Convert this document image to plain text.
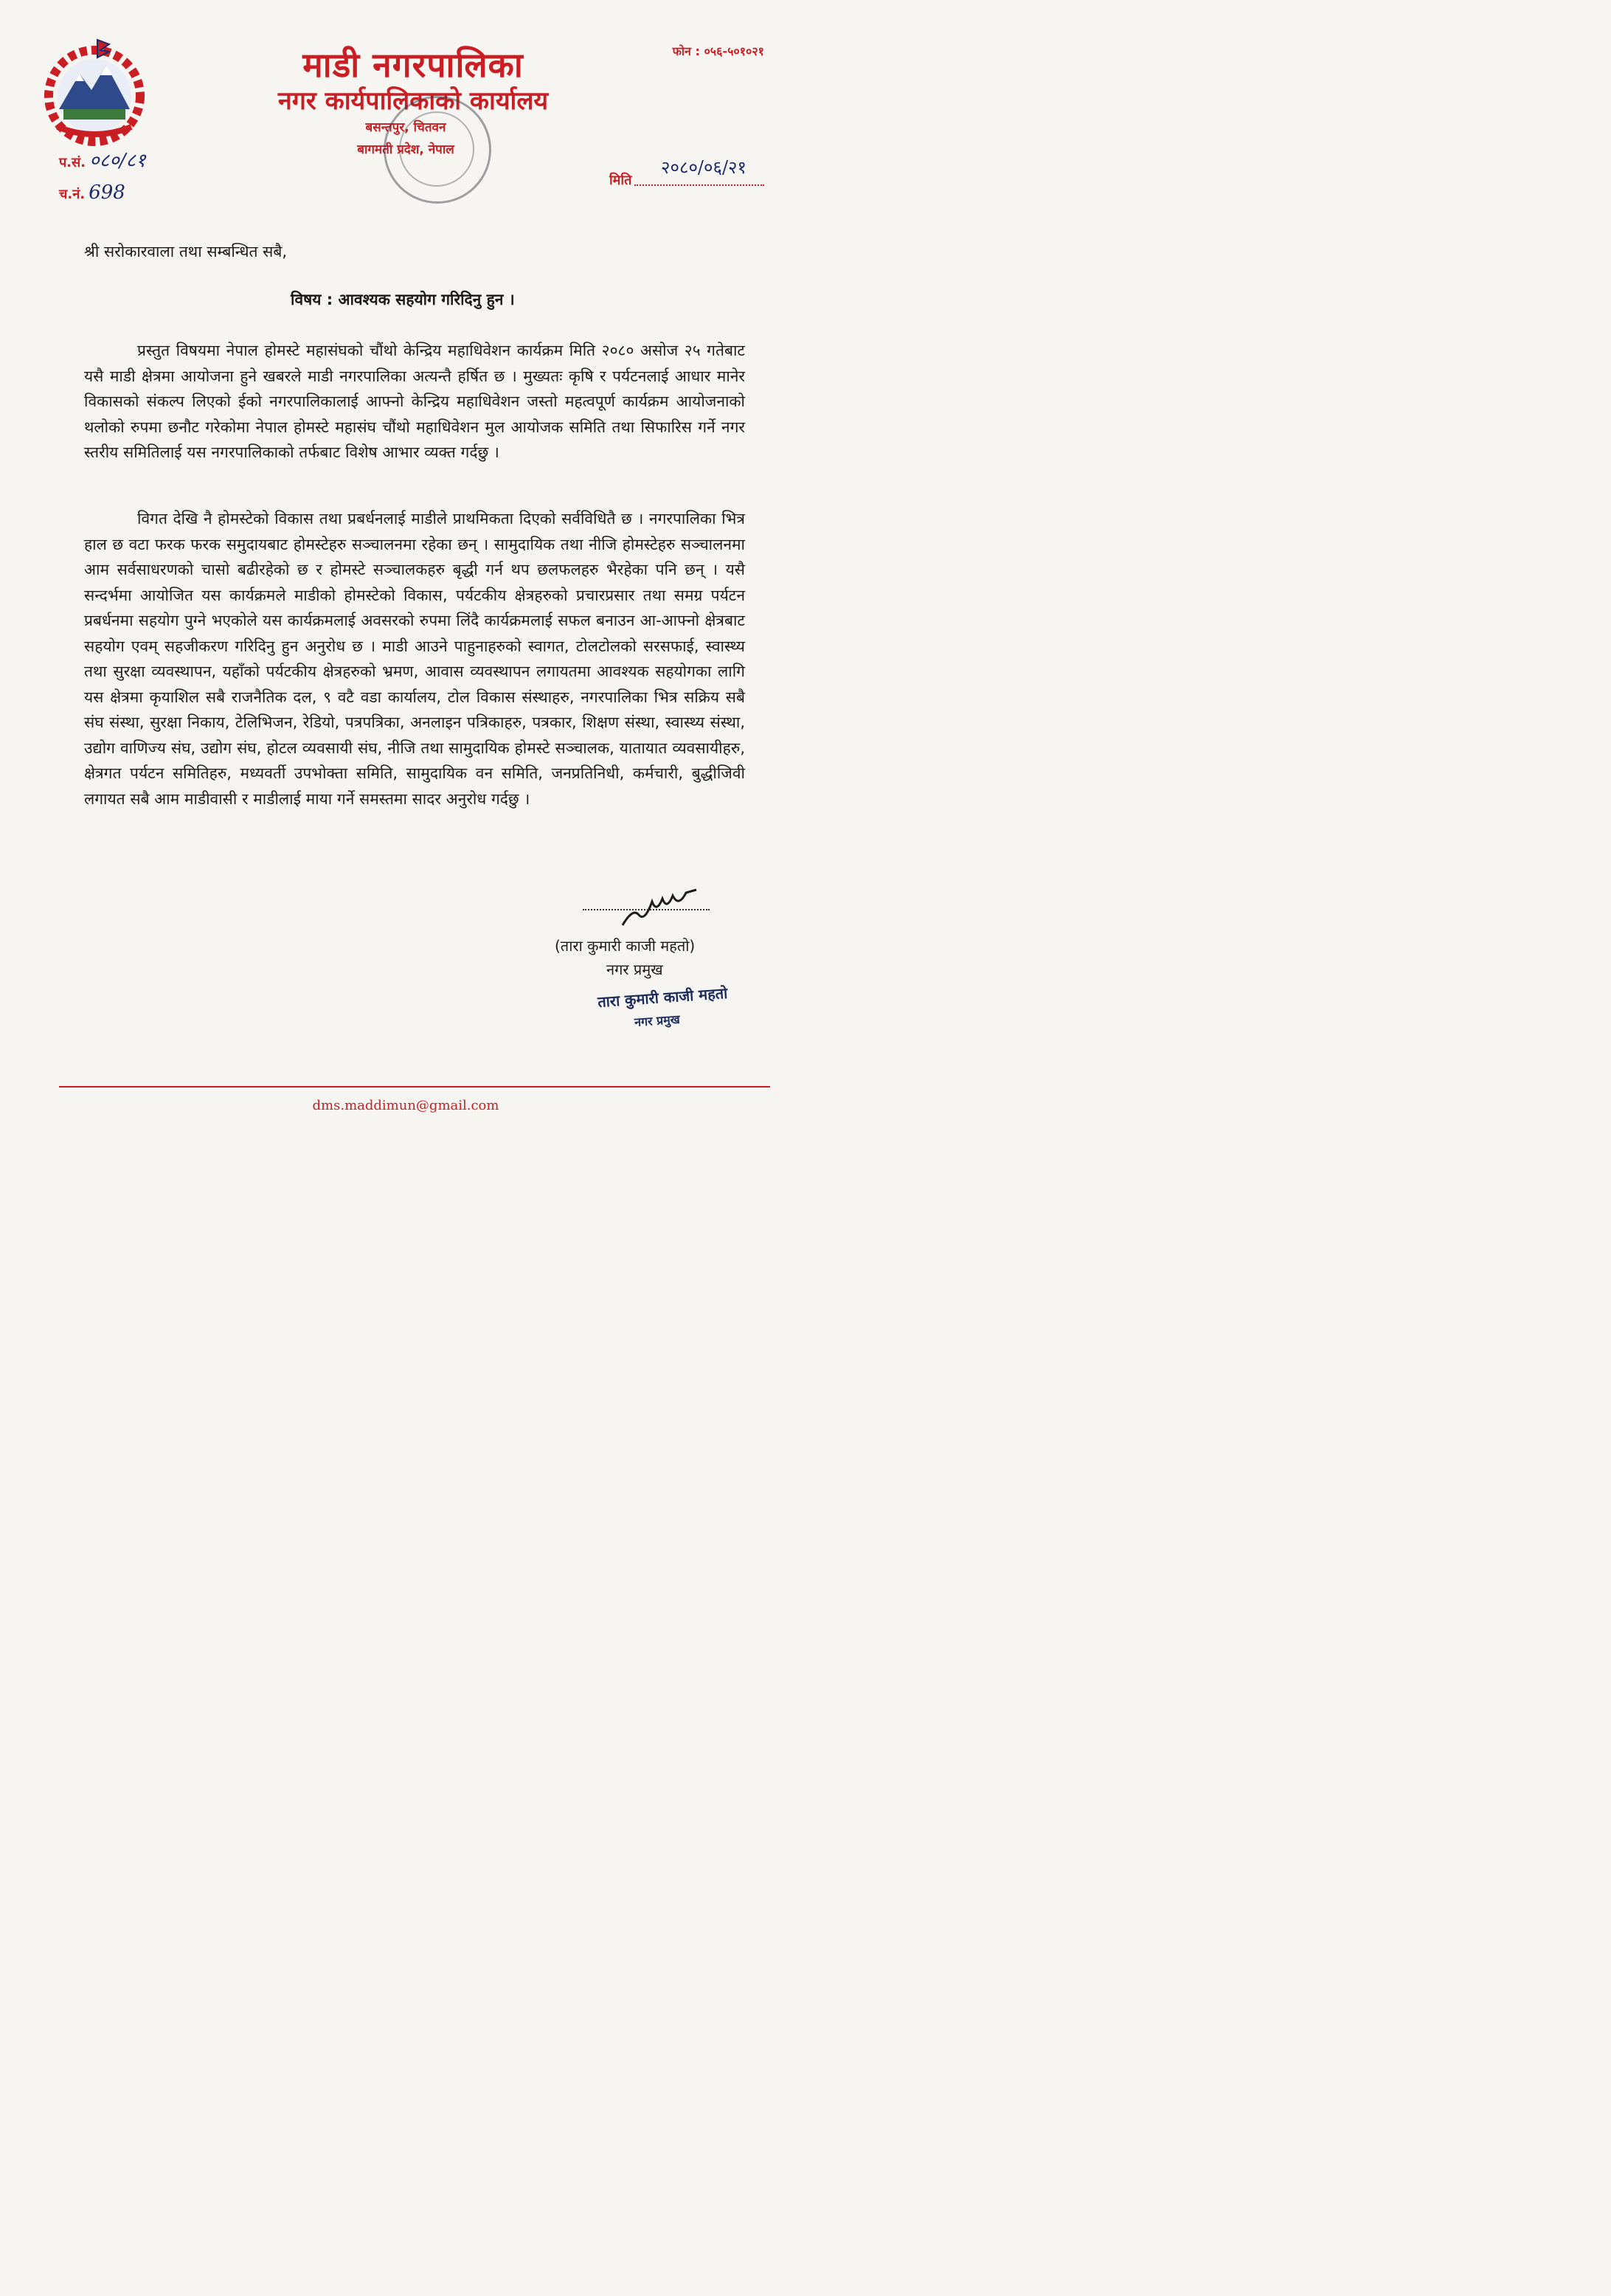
माडी नगरपालिका
नगर कार्यपालिकाको कार्यालय
बसन्तपुर, चितवन
बागमती प्रदेश, नेपाल
फोन : ०५६-५०१०२१
प.सं. ०८०/८१
च.नं. 698
२०८०/०६/२१
मिति
श्री सरोकारवाला तथा सम्बन्धित सबै,
विषय : आवश्यक सहयोग गरिदिनु हुन ।

प्रस्तुत विषयमा नेपाल होमस्टे महासंघको चौंथो केन्द्रिय महाधिवेशन कार्यक्रम मिति २०८० असोज २५ गतेबाट यसै माडी क्षेत्रमा आयोजना हुने खबरले माडी नगरपालिका अत्यन्तै हर्षित छ । मुख्यतः कृषि र पर्यटनलाई आधार मानेर विकासको संकल्प लिएको ईको नगरपालिकालाई आफ्नो केन्द्रिय महाधिवेशन जस्तो महत्वपूर्ण कार्यक्रम आयोजनाको थलोको रुपमा छनौट गरेकोमा नेपाल होमस्टे महासंघ चौंथो महाधिवेशन मुल आयोजक समिति तथा सिफारिस गर्ने नगर स्तरीय समितिलाई यस नगरपालिकाको तर्फबाट विशेष आभार व्यक्त गर्दछु ।

विगत देखि नै होमस्टेको विकास तथा प्रबर्धनलाई माडीले प्राथमिकता दिएको सर्वविधितै छ । नगरपालिका भित्र हाल छ वटा फरक फरक समुदायबाट होमस्टेहरु सञ्चालनमा रहेका छन् । सामुदायिक तथा नीजि होमस्टेहरु सञ्चालनमा आम सर्वसाधरणको चासो बढीरहेको छ र होमस्टे सञ्चालकहरु बृद्धी गर्न थप छलफलहरु भैरहेका पनि छन् । यसै सन्दर्भमा आयोजित यस कार्यक्रमले माडीको होमस्टेको विकास, पर्यटकीय क्षेत्रहरुको प्रचारप्रसार तथा समग्र पर्यटन प्रबर्धनमा सहयोग पुग्ने भएकोले यस कार्यक्रमलाई अवसरको रुपमा लिंदै कार्यक्रमलाई सफल बनाउन आ-आफ्नो क्षेत्रबाट सहयोग एवम् सहजीकरण गरिदिनु हुन अनुरोध छ । माडी आउने पाहुनाहरुको स्वागत, टोलटोलको सरसफाई, स्वास्थ्य तथा सुरक्षा व्यवस्थापन, यहाँको पर्यटकीय क्षेत्रहरुको भ्रमण, आवास व्यवस्थापन लगायतमा आवश्यक सहयोगका लागि यस क्षेत्रमा कृयाशिल सबै राजनैतिक दल, ९ वटै वडा कार्यालय, टोल विकास संस्थाहरु, नगरपालिका भित्र सक्रिय सबै संघ संस्था, सुरक्षा निकाय, टेलिभिजन, रेडियो, पत्रपत्रिका, अनलाइन पत्रिकाहरु, पत्रकार, शिक्षण संस्था, स्वास्थ्य संस्था, उद्योग वाणिज्य संघ, उद्योग संघ, होटल व्यवसायी संघ, नीजि तथा सामुदायिक होमस्टे सञ्चालक, यातायात व्यवसायीहरु, क्षेत्रगत पर्यटन समितिहरु, मध्यवर्ती उपभोक्ता समिति, सामुदायिक वन समिति, जनप्रतिनिधी, कर्मचारी, बुद्धीजिवी लगायत सबै आम माडीवासी र माडीलाई माया गर्ने समस्तमा सादर अनुरोध गर्दछु ।

(तारा कुमारी काजी महतो)
नगर प्रमुख
तारा कुमारी काजी महतो
नगर प्रमुख
dms.maddimun@gmail.com
